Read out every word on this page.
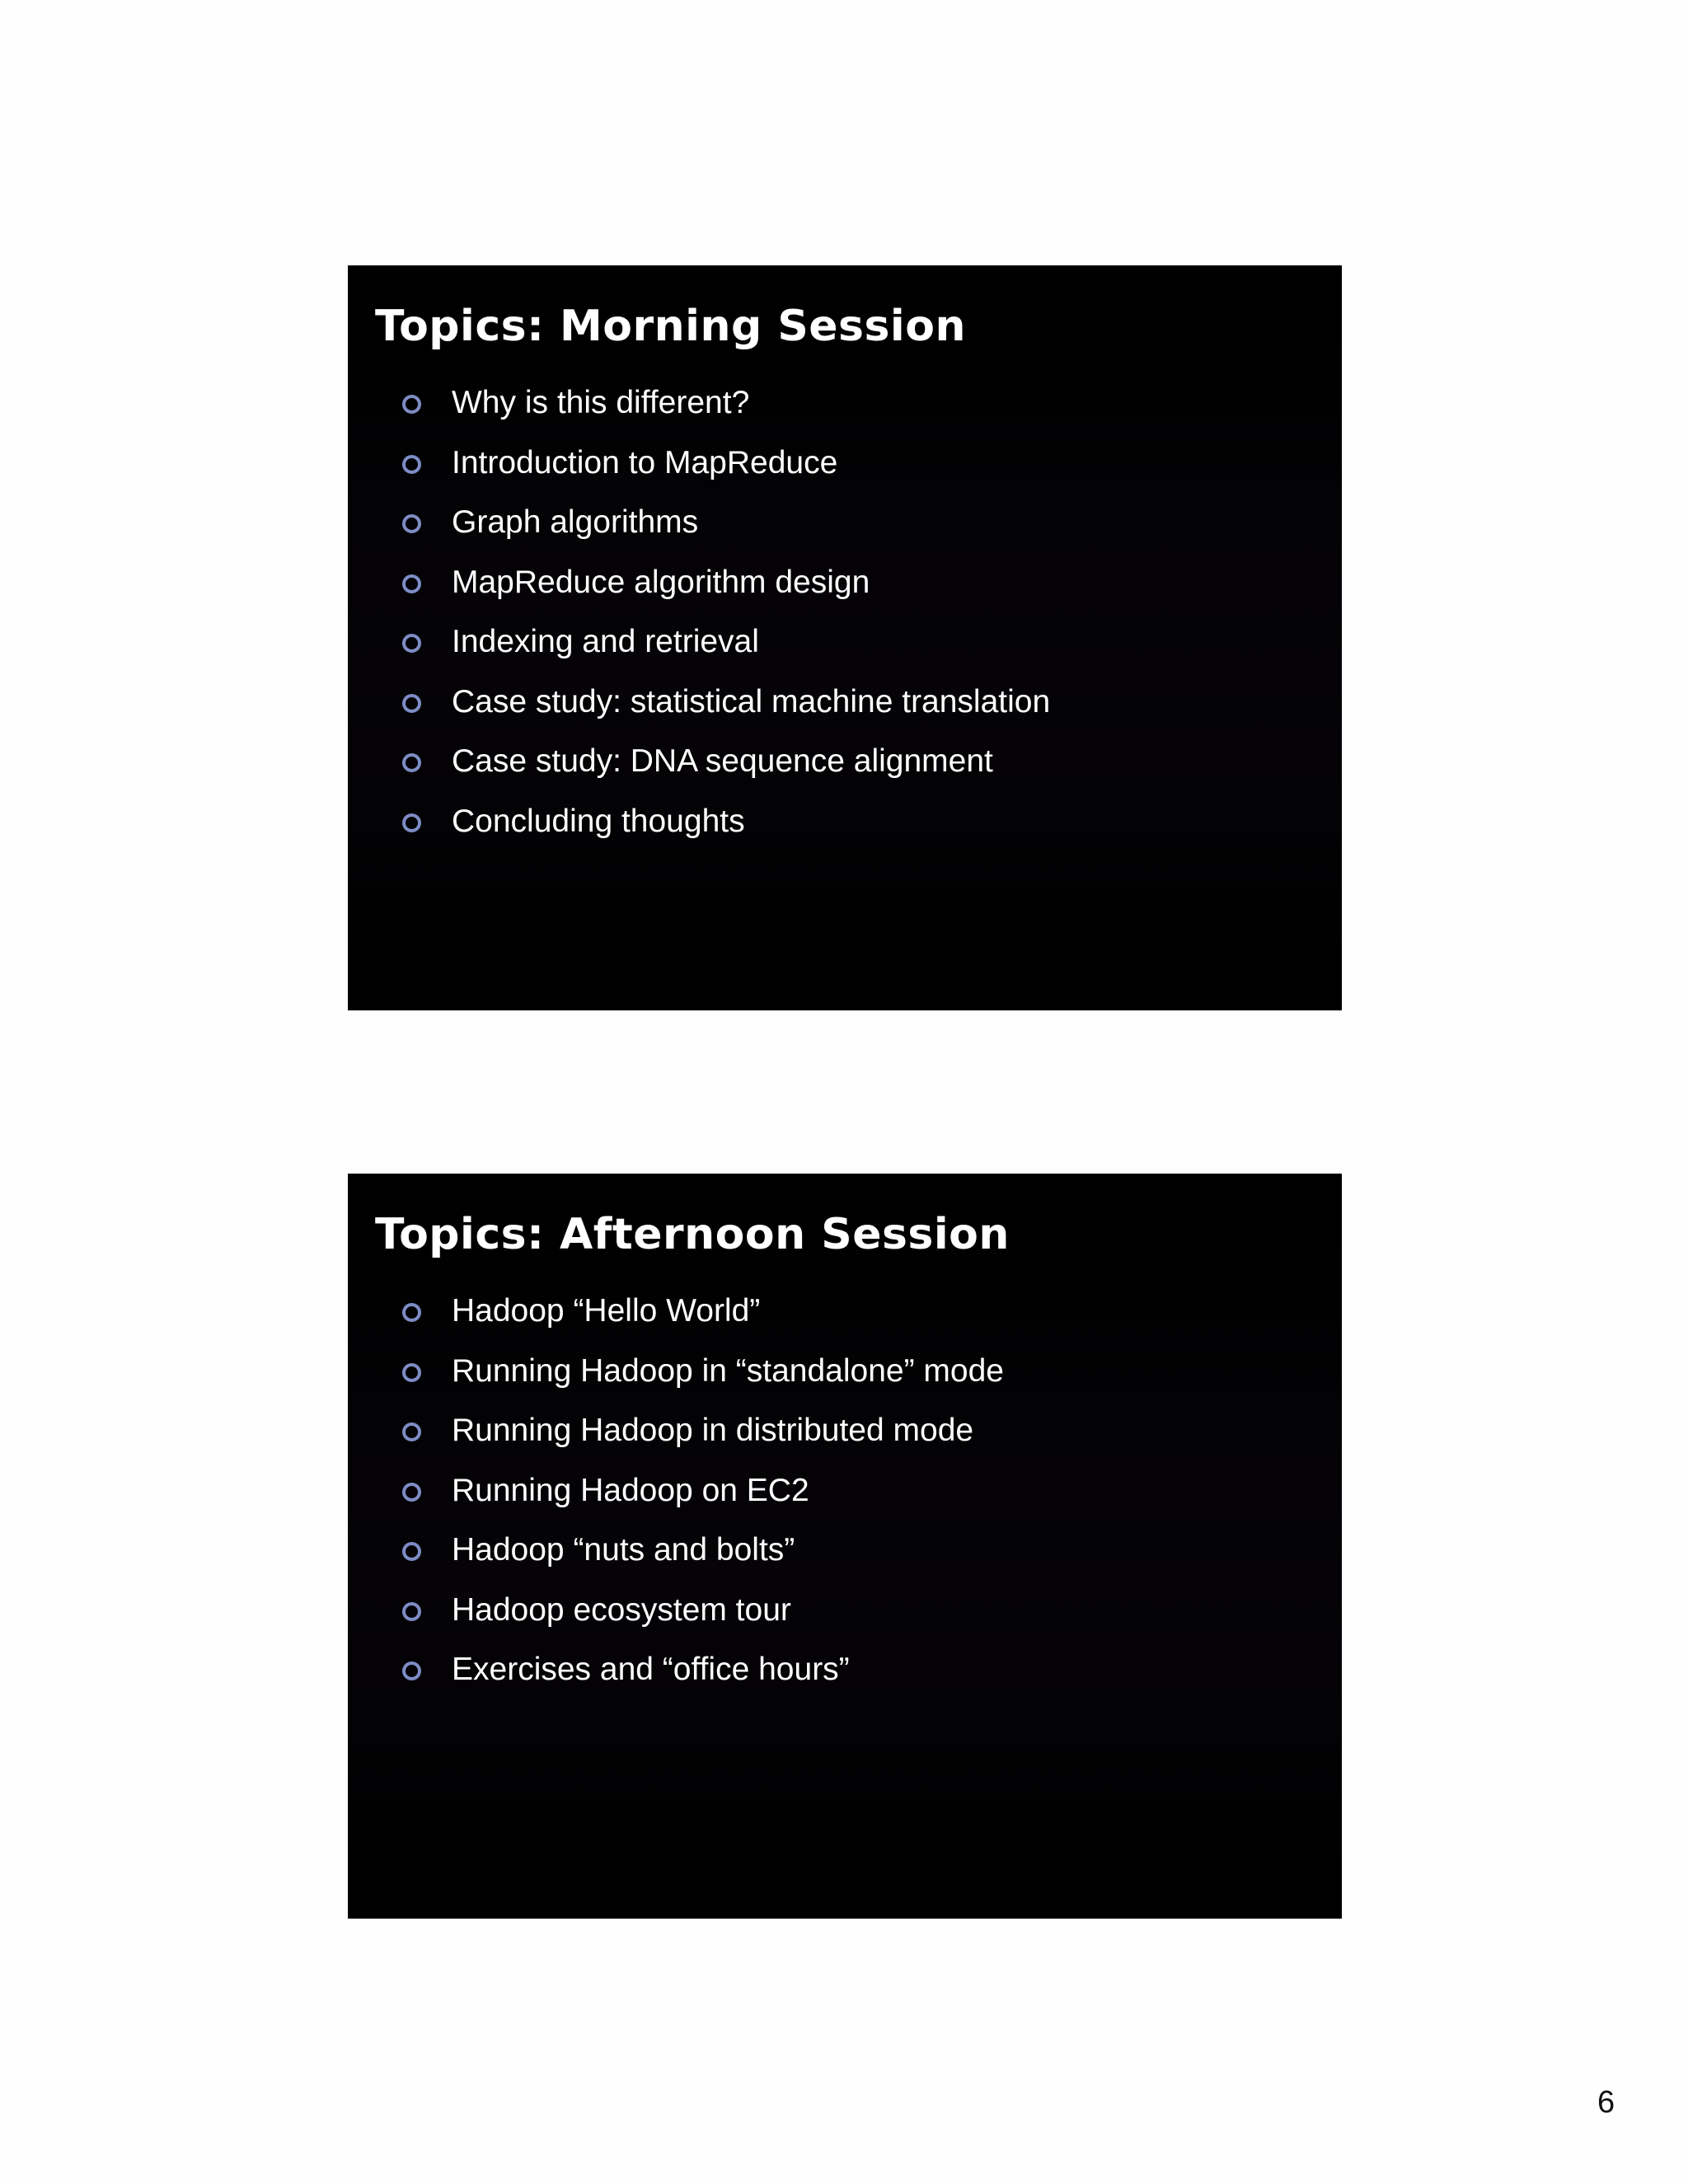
Topics: Morning Session
Why is this different?
Introduction to MapReduce
Graph algorithms
MapReduce algorithm design
Indexing and retrieval
Case study: statistical machine translation
Case study: DNA sequence alignment
Concluding thoughts
Topics: Afternoon Session
Hadoop “Hello World”
Running Hadoop in “standalone” mode
Running Hadoop in distributed mode
Running Hadoop on EC2
Hadoop “nuts and bolts”
Hadoop ecosystem tour
Exercises and “office hours”
6
